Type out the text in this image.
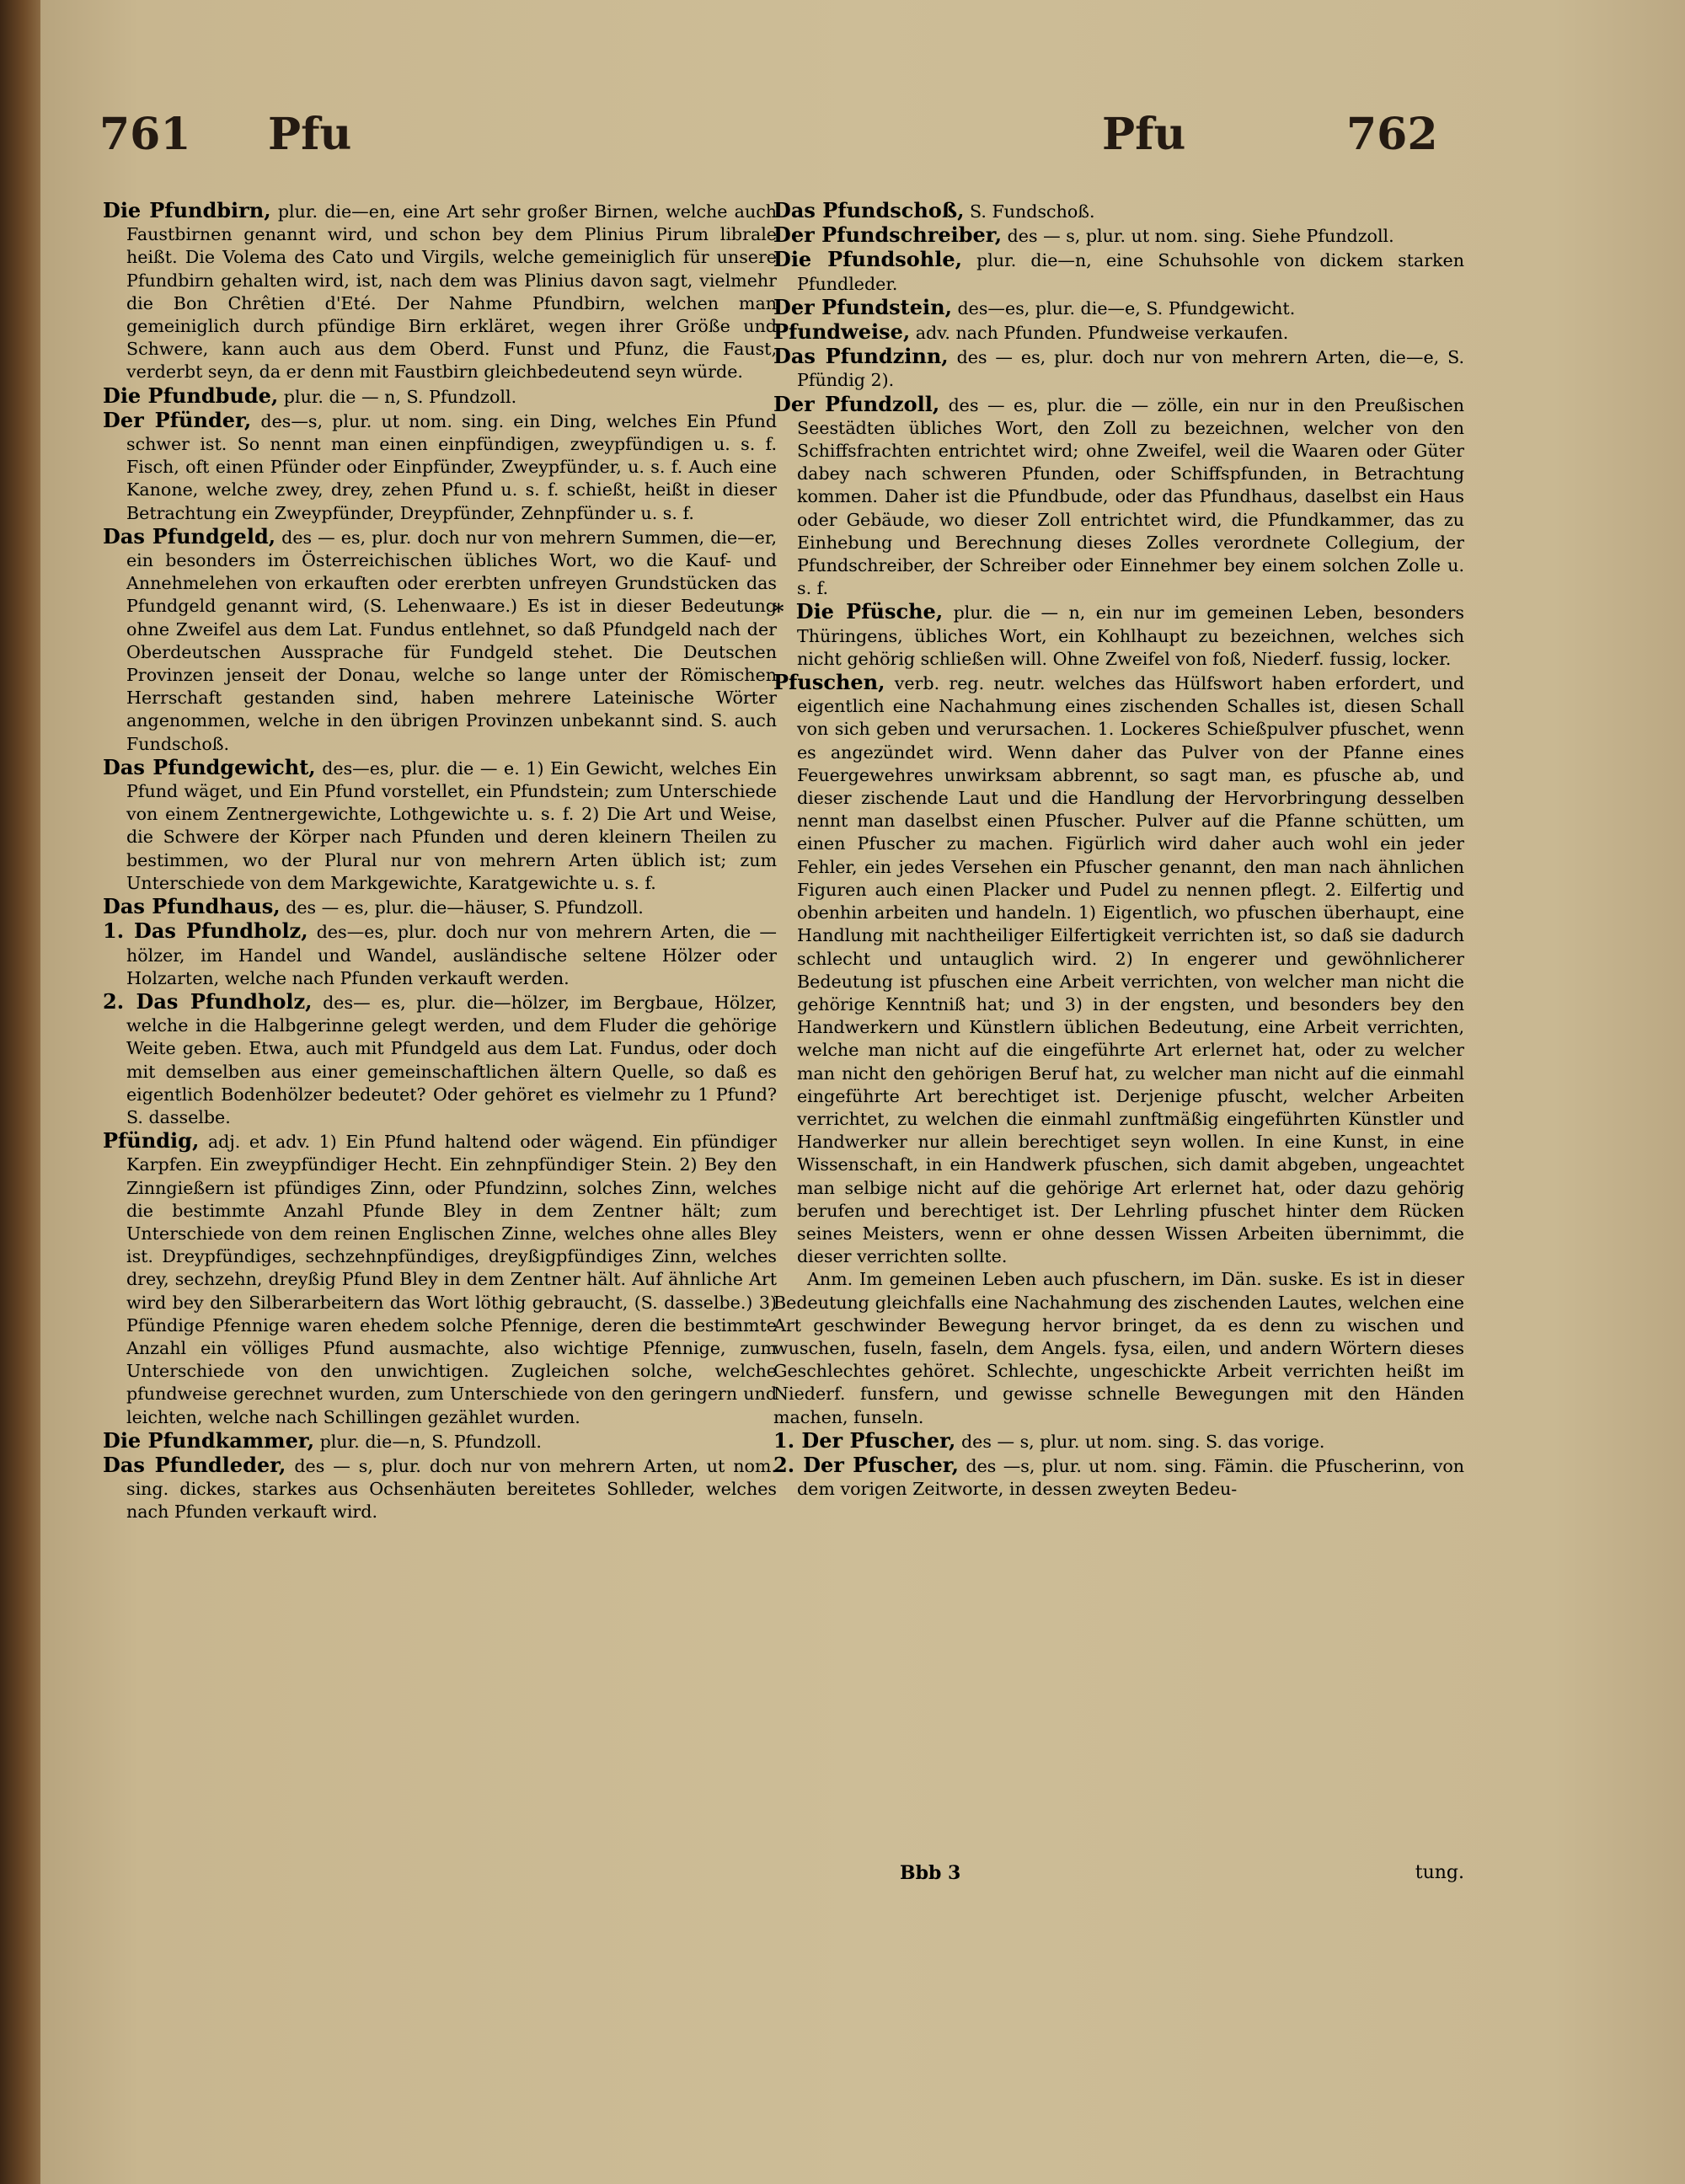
761 Pfu	Pfu	762

Die Pfundbirn, plur. die—en, eine Art sehr großer Birnen, welche auch Faustbirnen genannt wird, und schon bey dem Plinius Pirum librale heißt. Die Volema des Cato und Virgils, welche gemeiniglich für unsere Pfundbirn gehalten wird, ist, nach dem was Plinius davon sagt, vielmehr die Bon Chrêtien d'Eté. Der Nahme Pfundbirn, welchen man gemeiniglich durch pfündige Birn erkläret, wegen ihrer Größe und Schwere, kann auch aus dem Oberd. Funst und Pfunz, die Faust, verderbt seyn, da er denn mit Faustbirn gleichbedeutend seyn würde.

Die Pfundbude, plur. die — n, S. Pfundzoll.

Der Pfünder, des—s, plur. ut nom. sing. ein Ding, welches Ein Pfund schwer ist. So nennt man einen einpfündigen, zweypfündigen u. s. f. Fisch, oft einen Pfünder oder Einpfünder, Zweypfünder, u. s. f. Auch eine Kanone, welche zwey, drey, zehen Pfund u. s. f. schießt, heißt in dieser Betrachtung ein Zweypfünder, Dreypfünder, Zehnpfünder u. s. f.

Das Pfundgeld, des — es, plur. doch nur von mehrern Summen, die—er, ein besonders im Österreichischen übliches Wort, wo die Kauf- und Annehmelehen von erkauften oder ererbten unfreyen Grundstücken das Pfundgeld genannt wird, (S. Lehenwaare.) Es ist in dieser Bedeutung ohne Zweifel aus dem Lat. Fundus entlehnet, so daß Pfundgeld nach der Oberdeutschen Aussprache für Fundgeld stehet. Die Deutschen Provinzen jenseit der Donau, welche so lange unter der Römischen Herrschaft gestanden sind, haben mehrere Lateinische Wörter angenommen, welche in den übrigen Provinzen unbekannt sind. S. auch Fundschoß.

Das Pfundgewicht, des—es, plur. die — e. 1) Ein Gewicht, welches Ein Pfund wäget, und Ein Pfund vorstellet, ein Pfundstein; zum Unterschiede von einem Zentnergewichte, Lothgewichte u. s. f. 2) Die Art und Weise, die Schwere der Körper nach Pfunden und deren kleinern Theilen zu bestimmen, wo der Plural nur von mehrern Arten üblich ist; zum Unterschiede von dem Markgewichte, Karatgewichte u. s. f.

Das Pfundhaus, des — es, plur. die—häuser, S. Pfundzoll.

1. Das Pfundholz, des—es, plur. doch nur von mehrern Arten, die —hölzer, im Handel und Wandel, ausländische seltene Hölzer oder Holzarten, welche nach Pfunden verkauft werden.

2. Das Pfundholz, des— es, plur. die—hölzer, im Bergbaue, Hölzer, welche in die Halbgerinne gelegt werden, und dem Fluder die gehörige Weite geben. Etwa, auch mit Pfundgeld aus dem Lat. Fundus, oder doch mit demselben aus einer gemeinschaftlichen ältern Quelle, so daß es eigentlich Bodenhölzer bedeutet? Oder gehöret es vielmehr zu 1 Pfund? S. dasselbe.

Pfündig, adj. et adv. 1) Ein Pfund haltend oder wägend. Ein pfündiger Karpfen. Ein zweypfündiger Hecht. Ein zehnpfündiger Stein. 2) Bey den Zinngießern ist pfündiges Zinn, oder Pfundzinn, solches Zinn, welches die bestimmte Anzahl Pfunde Bley in dem Zentner hält; zum Unterschiede von dem reinen Englischen Zinne, welches ohne alles Bley ist. Dreypfündiges, sechzehnpfündiges, dreyßigpfündiges Zinn, welches drey, sechzehn, dreyßig Pfund Bley in dem Zentner hält. Auf ähnliche Art wird bey den Silberarbeitern das Wort löthig gebraucht, (S. dasselbe.) 3) Pfündige Pfennige waren ehedem solche Pfennige, deren die bestimmte Anzahl ein völliges Pfund ausmachte, also wichtige Pfennige, zum Unterschiede von den unwichtigen. Zugleichen solche, welche pfundweise gerechnet wurden, zum Unterschiede von den geringern und leichten, welche nach Schillingen gezählet wurden.

Die Pfundkammer, plur. die—n, S. Pfundzoll.

Das Pfundleder, des — s, plur. doch nur von mehrern Arten, ut nom. sing. dickes, starkes aus Ochsenhäuten bereitetes Sohlleder, welches nach Pfunden verkauft wird.

Das Pfundschoß, S. Fundschoß.

Der Pfundschreiber, des — s, plur. ut nom. sing. Siehe Pfundzoll.

Die Pfundsohle, plur. die—n, eine Schuhsohle von dickem starken Pfundleder.

Der Pfundstein, des—es, plur. die—e, S. Pfundgewicht.

Pfundweise, adv. nach Pfunden. Pfundweise verkaufen.

Das Pfundzinn, des — es, plur. doch nur von mehrern Arten, die—e, S. Pfündig 2).

Der Pfundzoll, des — es, plur. die — zölle, ein nur in den Preußischen Seestädten übliches Wort, den Zoll zu bezeichnen, welcher von den Schiffsfrachten entrichtet wird; ohne Zweifel, weil die Waaren oder Güter dabey nach schweren Pfunden, oder Schiffspfunden, in Betrachtung kommen. Daher ist die Pfundbude, oder das Pfundhaus, daselbst ein Haus oder Gebäude, wo dieser Zoll entrichtet wird, die Pfundkammer, das zu Einhebung und Berechnung dieses Zolles verordnete Collegium, der Pfundschreiber, der Schreiber oder Einnehmer bey einem solchen Zolle u. s. f.

* Die Pfüsche, plur. die — n, ein nur im gemeinen Leben, besonders Thüringens, übliches Wort, ein Kohlhaupt zu bezeichnen, welches sich nicht gehörig schließen will. Ohne Zweifel von foß, Niederf. fussig, locker.

Pfuschen, verb. reg. neutr. welches das Hülfswort haben erfordert, und eigentlich eine Nachahmung eines zischenden Schalles ist, diesen Schall von sich geben und verursachen. 1. Lockeres Schießpulver pfuschet, wenn es angezündet wird. Wenn daher das Pulver von der Pfanne eines Feuergewehres unwirksam abbrennt, so sagt man, es pfusche ab, und dieser zischende Laut und die Handlung der Hervorbringung desselben nennt man daselbst einen Pfuscher. Pulver auf die Pfanne schütten, um einen Pfuscher zu machen. Figürlich wird daher auch wohl ein jeder Fehler, ein jedes Versehen ein Pfuscher genannt, den man nach ähnlichen Figuren auch einen Placker und Pudel zu nennen pflegt. 2. Eilfertig und obenhin arbeiten und handeln. 1) Eigentlich, wo pfuschen überhaupt, eine Handlung mit nachtheiliger Eilfertigkeit verrichten ist, so daß sie dadurch schlecht und untauglich wird. 2) In engerer und gewöhnlicherer Bedeutung ist pfuschen eine Arbeit verrichten, von welcher man nicht die gehörige Kenntniß hat; und 3) in der engsten, und besonders bey den Handwerkern und Künstlern üblichen Bedeutung, eine Arbeit verrichten, welche man nicht auf die eingeführte Art erlernet hat, oder zu welcher man nicht den gehörigen Beruf hat, zu welcher man nicht auf die einmahl eingeführte Art berechtiget ist. Derjenige pfuscht, welcher Arbeiten verrichtet, zu welchen die einmahl zunftmäßig eingeführten Künstler und Handwerker nur allein berechtiget seyn wollen. In eine Kunst, in eine Wissenschaft, in ein Handwerk pfuschen, sich damit abgeben, ungeachtet man selbige nicht auf die gehörige Art erlernet hat, oder dazu gehörig berufen und berechtiget ist. Der Lehrling pfuschet hinter dem Rücken seines Meisters, wenn er ohne dessen Wissen Arbeiten übernimmt, die dieser verrichten sollte.

Anm. Im gemeinen Leben auch pfuschern, im Dän. suske. Es ist in dieser Bedeutung gleichfalls eine Nachahmung des zischenden Lautes, welchen eine Art geschwinder Bewegung hervor bringet, da es denn zu wischen und wuschen, fuseln, faseln, dem Angels. fysa, eilen, und andern Wörtern dieses Geschlechtes gehöret. Schlechte, ungeschickte Arbeit verrichten heißt im Niederf. funsfern, und gewisse schnelle Bewegungen mit den Händen machen, funseln.

1. Der Pfuscher, des — s, plur. ut nom. sing. S. das vorige.

2. Der Pfuscher, des —s, plur. ut nom. sing. Fämin. die Pfuscherinn, von dem vorigen Zeitworte, in dessen zweyten Bedeu-

Bbb 3	tung.
